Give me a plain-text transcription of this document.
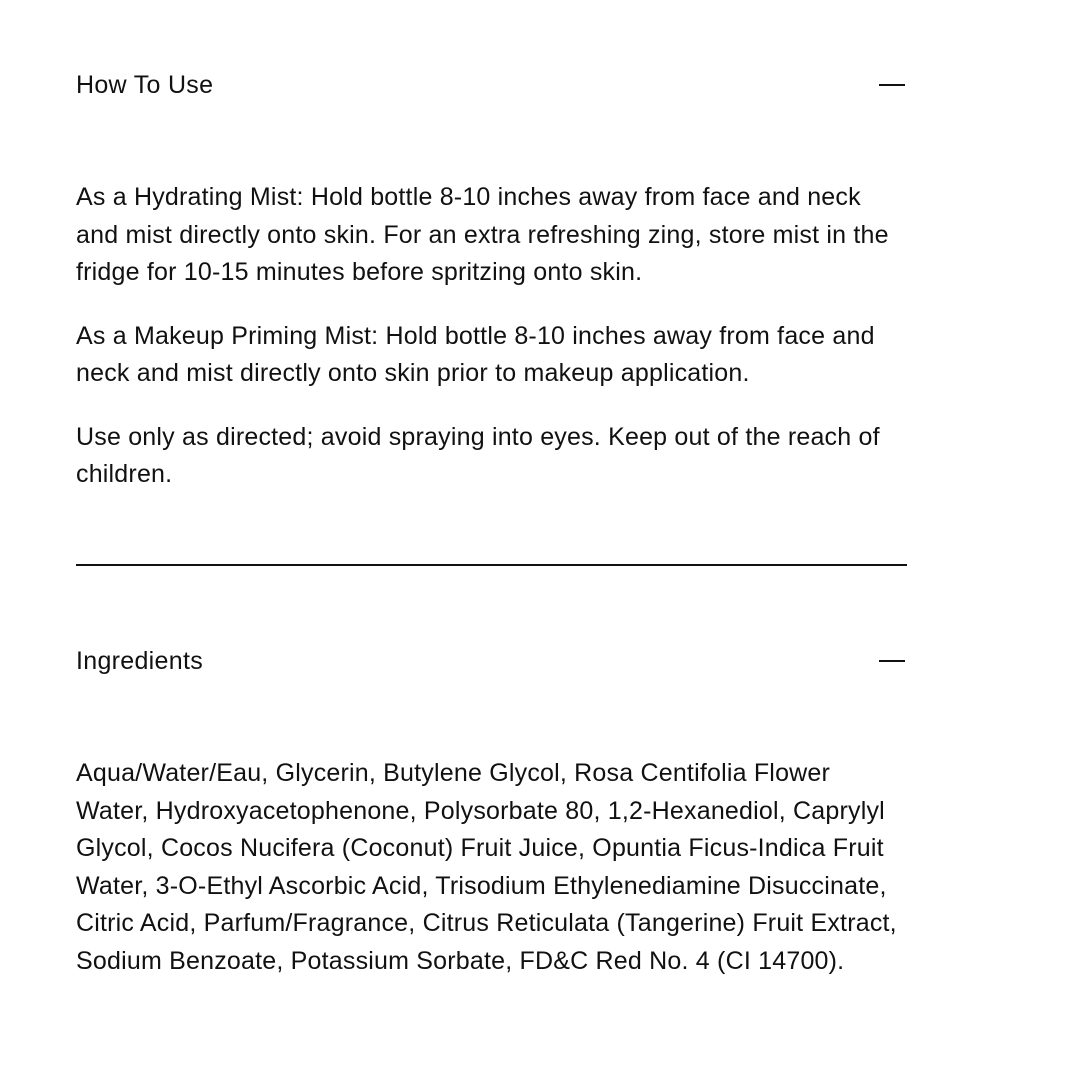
How To Use

As a Hydrating Mist: Hold bottle 8-10 inches away from face and neck and mist directly onto skin. For an extra refreshing zing, store mist in the fridge for 10-15 minutes before spritzing onto skin.

As a Makeup Priming Mist: Hold bottle 8-10 inches away from face and neck and mist directly onto skin prior to makeup application.

Use only as directed; avoid spraying into eyes. Keep out of the reach of children.

Ingredients

Aqua/Water/Eau, Glycerin, Butylene Glycol, Rosa Centifolia Flower Water, Hydroxyacetophenone, Polysorbate 80, 1,2-Hexanediol, Caprylyl Glycol, Cocos Nucifera (Coconut) Fruit Juice, Opuntia Ficus-Indica Fruit Water, 3-O-Ethyl Ascorbic Acid, Trisodium Ethylenediamine Disuccinate, Citric Acid, Parfum/Fragrance, Citrus Reticulata (Tangerine) Fruit Extract, Sodium Benzoate, Potassium Sorbate, FD&C Red No. 4 (CI 14700).
